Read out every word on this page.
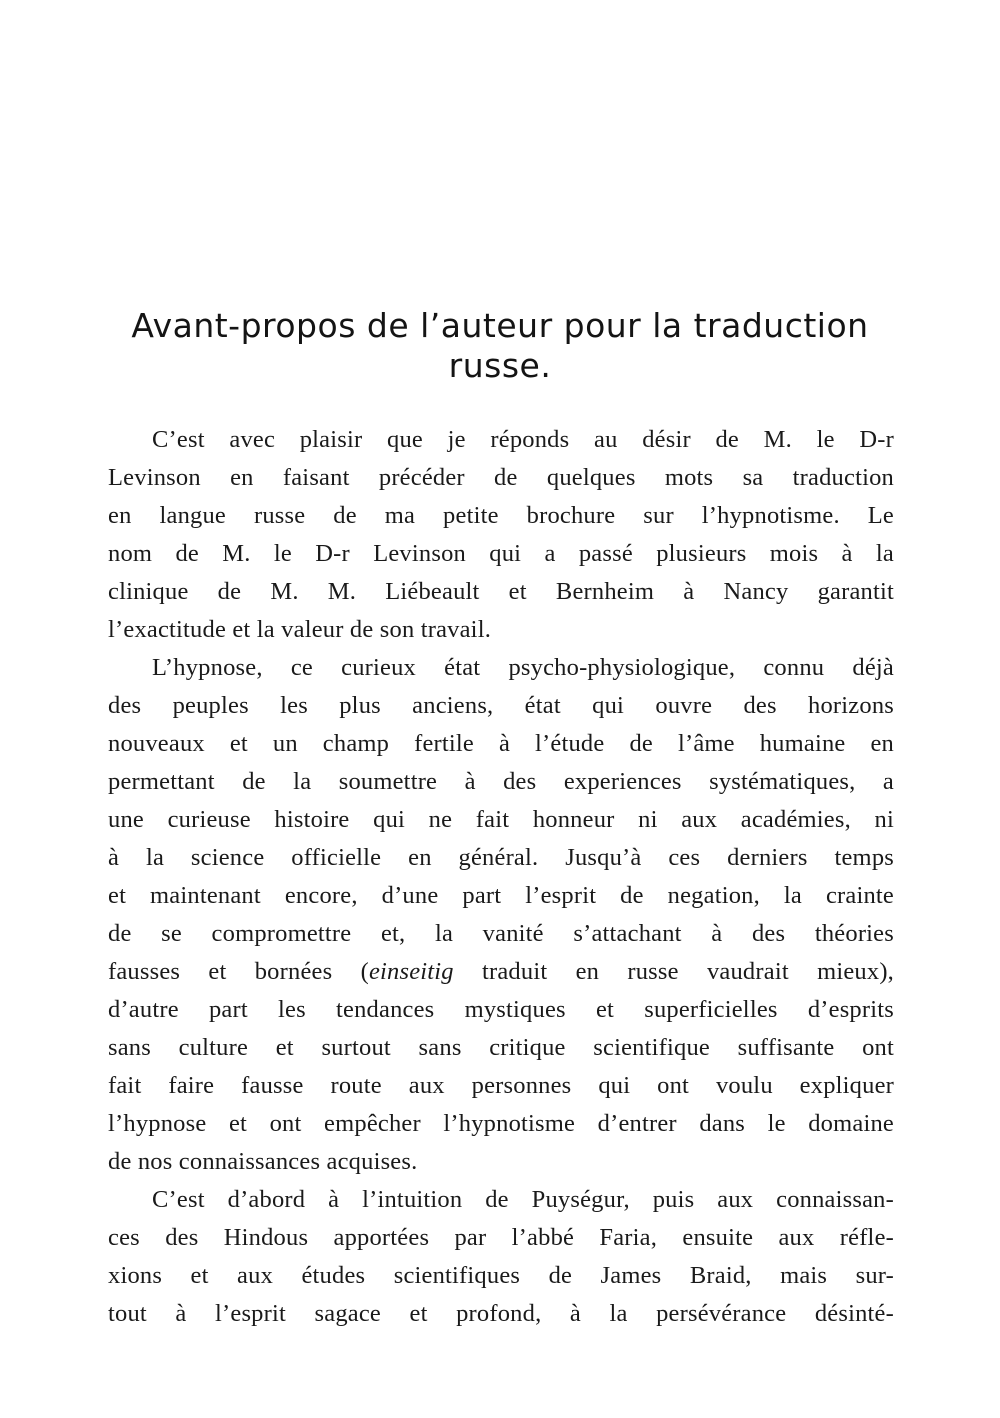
Avant-propos de l’auteur pour la traduction
russe.
C’est avec plaisir que je réponds au désir de M. le D-r
Levinson en faisant précéder de quelques mots sa traduction
en langue russe de ma petite brochure sur l’hypnotisme. Le
nom de M. le D-r Levinson qui a passé plusieurs mois à la
clinique de M. M. Liébeault et Bernheim à Nancy garantit
l’exactitude et la valeur de son travail.
L’hypnose, ce curieux état psycho-physiologique, connu déjà
des peuples les plus anciens, état qui ouvre des horizons
nouveaux et un champ fertile à l’étude de l’âme humaine en
permettant de la soumettre à des experiences systématiques, a
une curieuse histoire qui ne fait honneur ni aux académies, ni
à la science officielle en général. Jusqu’à ces derniers temps
et maintenant encore, d’une part l’esprit de negation, la crainte
de se compromettre et, la vanité s’attachant à des théories
fausses et bornées (einseitig traduit en russe vaudrait mieux),
d’autre part les tendances mystiques et superficielles d’esprits
sans culture et surtout sans critique scientifique suffisante ont
fait faire fausse route aux personnes qui ont voulu expliquer
l’hypnose et ont empêcher l’hypnotisme d’entrer dans le domaine
de nos connaissances acquises.
C’est d’abord à l’intuition de Puységur, puis aux connaissan-
ces des Hindous apportées par l’abbé Faria, ensuite aux réfle-
xions et aux études scientifiques de James Braid, mais sur-
tout à l’esprit sagace et profond, à la persévérance désinté-
